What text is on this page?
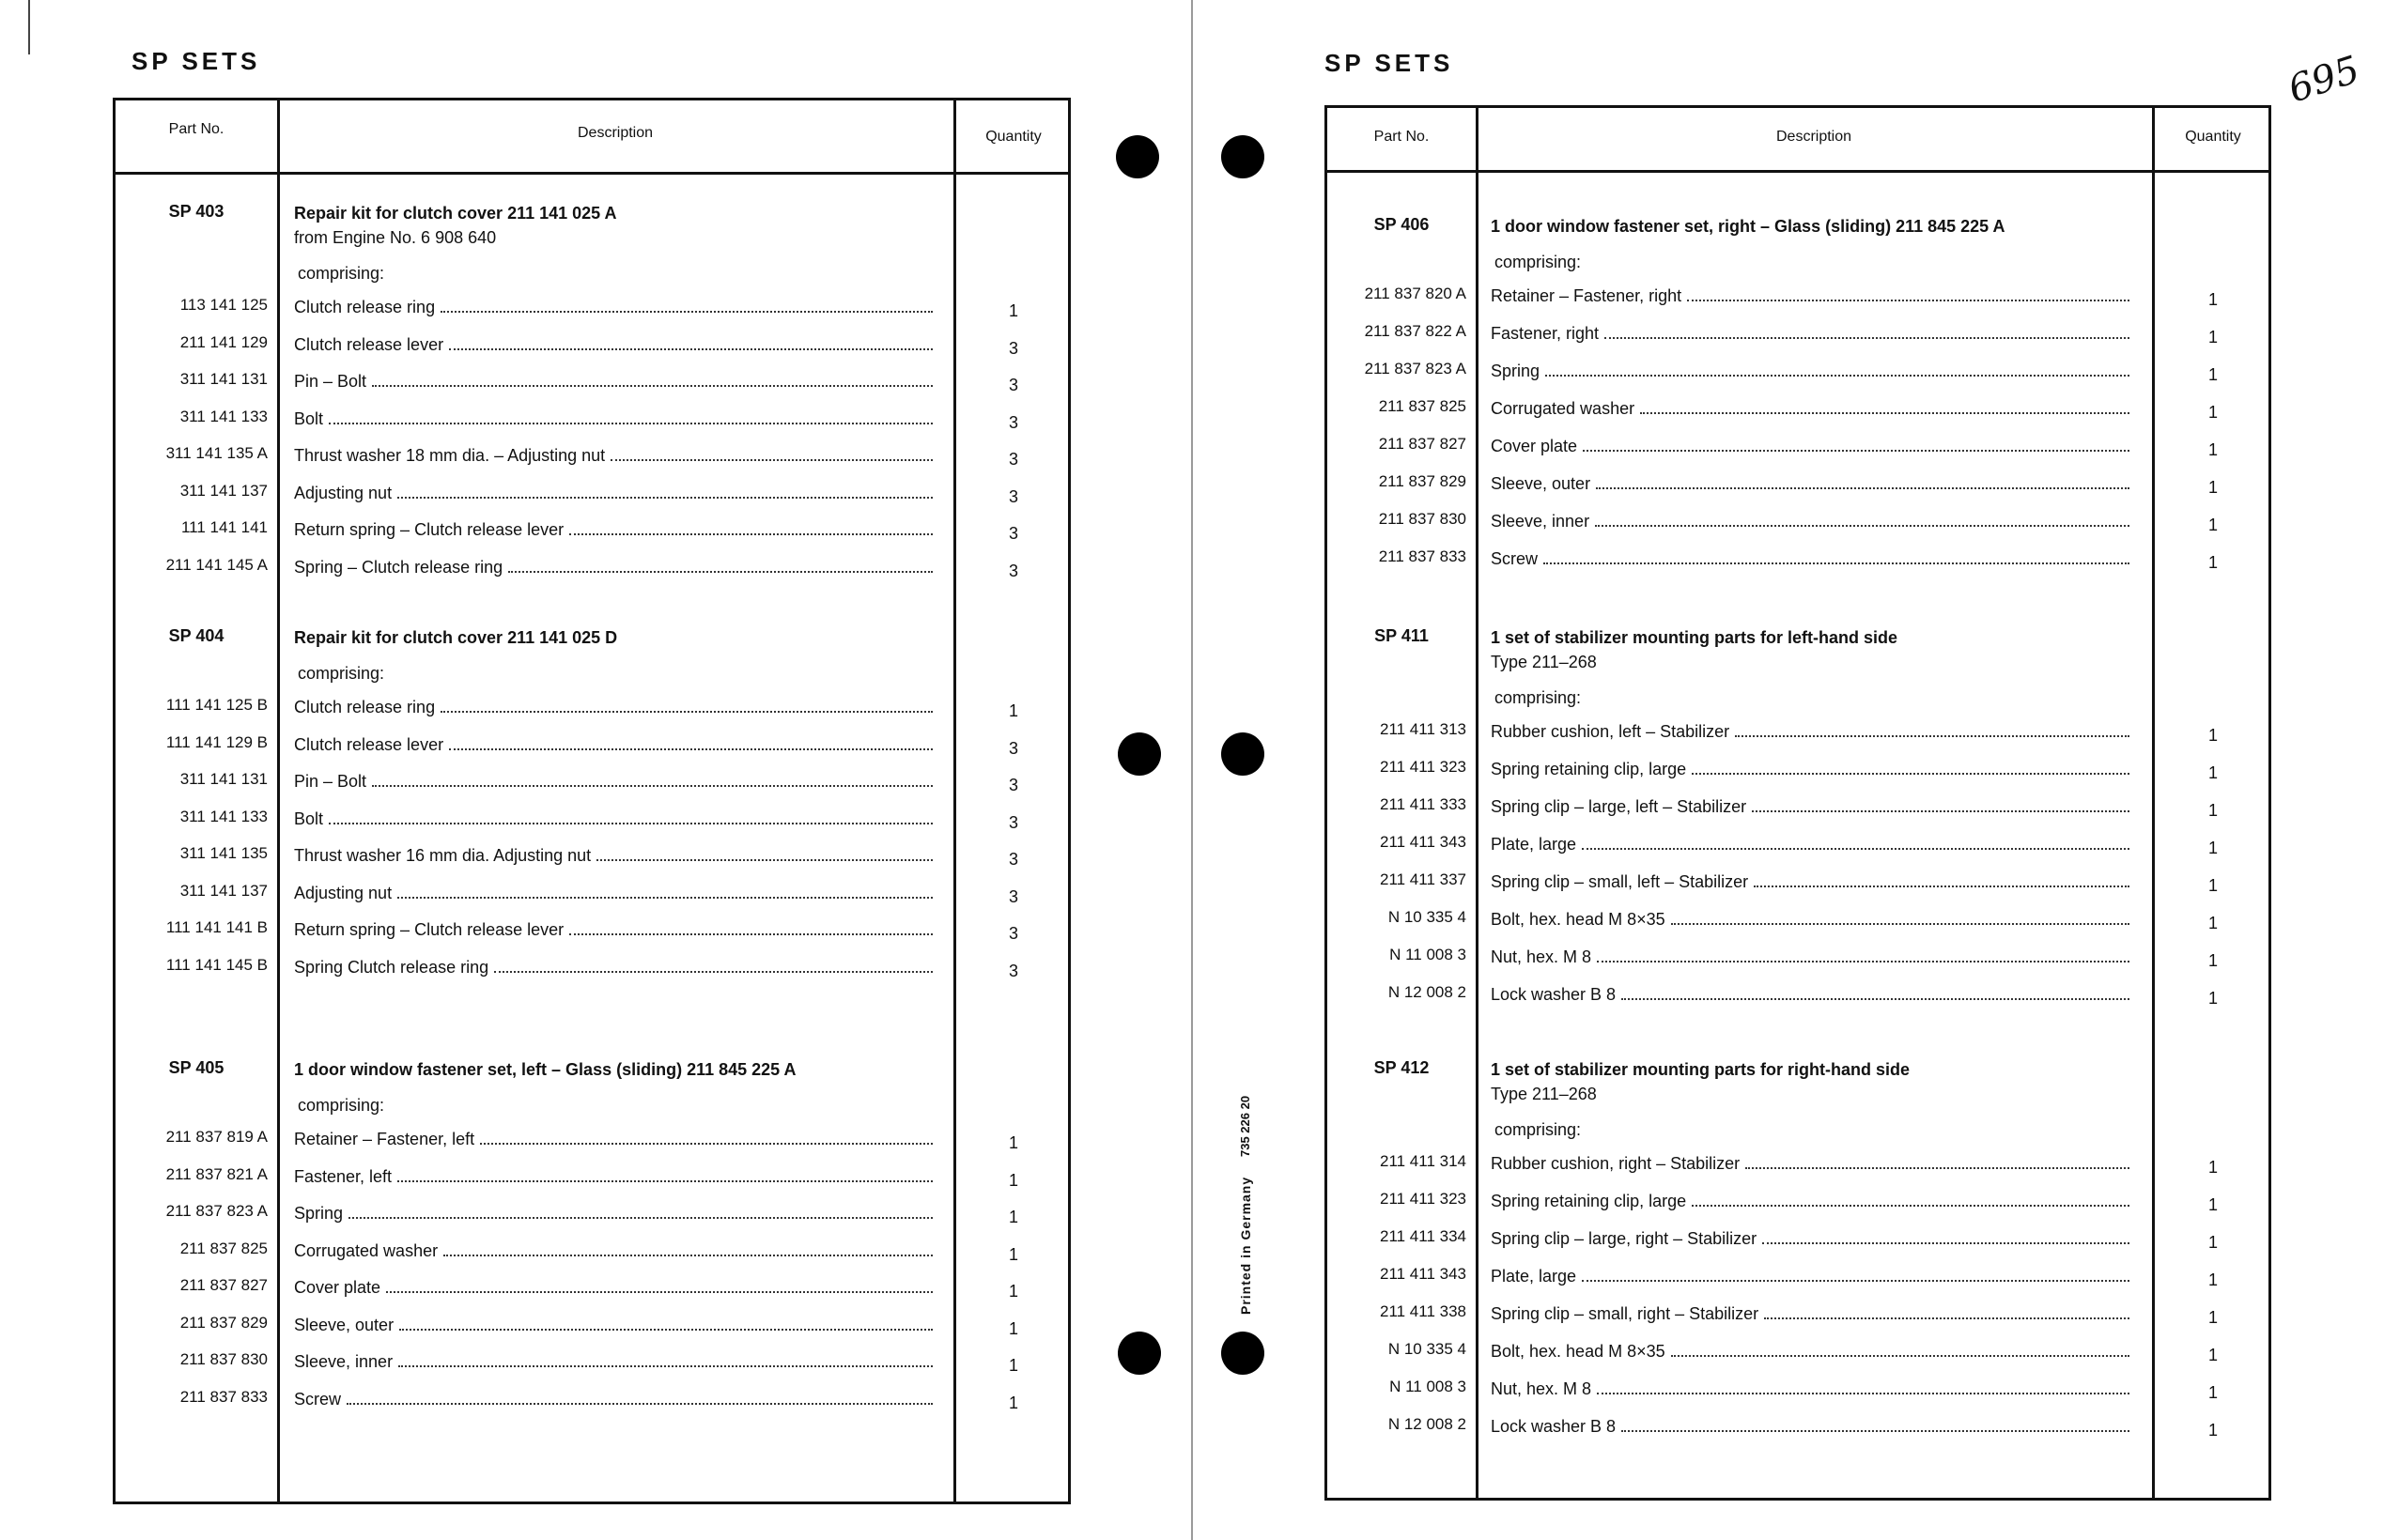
SP SETS
Part No.	Description	Quantity
SP 403	Repair kit for clutch cover 211 141 025 A
from Engine No. 6 908 640
comprising:
113 141 125 Clutch release ring	1
211 141 129 Clutch release lever	3
311 141 131 Pin – Bolt	3
311 141 133 Bolt	3
311 141 135 A Thrust washer 18 mm dia. – Adjusting nut	3
311 141 137 Adjusting nut	3
111 141 141 Return spring – Clutch release lever	3
211 141 145 A Spring – Clutch release ring	3
SP 404	Repair kit for clutch cover 211 141 025 D
comprising:
111 141 125 B Clutch release ring	1
111 141 129 B Clutch release lever	3
311 141 131 Pin – Bolt	3
311 141 133 Bolt	3
311 141 135 Thrust washer 16 mm dia. Adjusting nut	3
311 141 137 Adjusting nut	3
111 141 141 B Return spring – Clutch release lever	3
111 141 145 B Spring Clutch release ring	3
SP 405	1 door window fastener set, left – Glass (sliding) 211 845 225 A
comprising:
211 837 819 A Retainer – Fastener, left	1
211 837 821 A Fastener, left	1
211 837 823 A Spring	1
211 837 825 Corrugated washer	1
211 837 827 Cover plate	1
211 837 829 Sleeve, outer	1
211 837 830 Sleeve, inner	1
211 837 833 Screw	1
SP SETS
Part No.	Description	Quantity
SP 406	1 door window fastener set, right – Glass (sliding) 211 845 225 A
comprising:
211 837 820 A Retainer – Fastener, right	1
211 837 822 A Fastener, right	1
211 837 823 A Spring	1
211 837 825 Corrugated washer	1
211 837 827 Cover plate	1
211 837 829 Sleeve, outer	1
211 837 830 Sleeve, inner	1
211 837 833 Screw	1
SP 411	1 set of stabilizer mounting parts for left-hand side
Type 211–268
comprising:
211 411 313 Rubber cushion, left – Stabilizer	1
211 411 323 Spring retaining clip, large	1
211 411 333 Spring clip – large, left – Stabilizer	1
211 411 343 Plate, large	1
211 411 337 Spring clip – small, left – Stabilizer	1
N 10 335 4 Bolt, hex. head M 8×35	1
N 11 008 3 Nut, hex. M 8	1
N 12 008 2 Lock washer B 8	1
SP 412	1 set of stabilizer mounting parts for right-hand side
Type 211–268
comprising:
211 411 314 Rubber cushion, right – Stabilizer	1
211 411 323 Spring retaining clip, large	1
211 411 334 Spring clip – large, right – Stabilizer	1
211 411 343 Plate, large	1
211 411 338 Spring clip – small, right – Stabilizer	1
N 10 335 4 Bolt, hex. head M 8×35	1
N 11 008 3 Nut, hex. M 8	1
N 12 008 2 Lock washer B 8	1
735 226 20
Printed in Germany
695
